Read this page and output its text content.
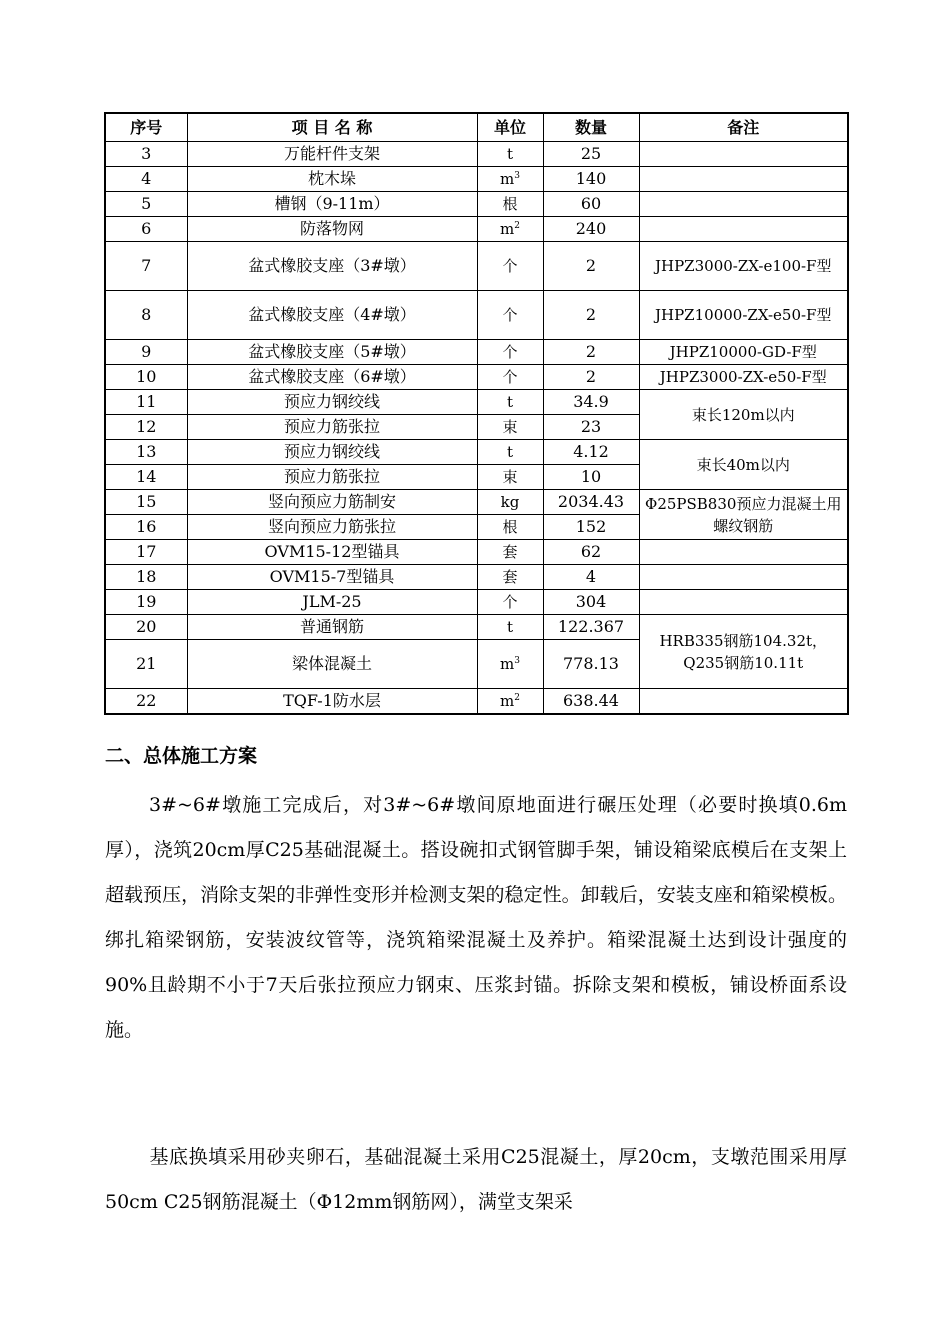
序号	项 目 名 称	单位	数量	备注
3	万能杆件支架	t	25	
4	枕木垛	$m^3$	140	
5	槽钢（9-11m）	根	60	
6	防落物网	$m^2$	240	
7	盆式橡胶支座（3#墩）	个	2	JHPZ3000-ZX-e100-F型
8	盆式橡胶支座（4#墩）	个	2	JHPZ10000-ZX-e50-F型
9	盆式橡胶支座（5#墩）	个	2	JHPZ10000-GD-F型
10	盆式橡胶支座（6#墩）	个	2	JHPZ3000-ZX-e50-F型
11	预应力钢绞线	t	34.9	束长120m以内
12	预应力筋张拉	束	23	
13	预应力钢绞线	t	4.12	束长40m以内
14	预应力筋张拉	束	10	
15	竖向预应力筋制安	kg	2034.43	Φ25PSB830预应力混凝土用螺纹钢筋
16	竖向预应力筋张拉	根	152	
17	OVM15-12型锚具	套	62	
18	OVM15-7型锚具	套	4	
19	JLM-25	个	304	
20	普通钢筋	t	122.367	HRB335钢筋104.32t，Q235钢筋10.11t
21	梁体混凝土	$m^3$	778.13	
22	TQF-1防水层	$m^2$	638.44	
二、总体施工方案

3#~6#墩施工完成后，对3#~6#墩间原地面进行碾压处理（必要时换填0.6m厚），浇筑20cm厚C25基础混凝土。搭设碗扣式钢管脚手架，铺设箱梁底模后在支架上超载预压，消除支架的非弹性变形并检测支架的稳定性。卸载后，安装支座和箱梁模板。绑扎箱梁钢筋，安装波纹管等，浇筑箱梁混凝土及养护。箱梁混凝土达到设计强度的90%且龄期不小于7天后张拉预应力钢束、压浆封锚。拆除支架和模板，铺设桥面系设施。

基底换填采用砂夹卵石，基础混凝土采用C25混凝土，厚20cm，支墩范围采用厚50cm C25钢筋混凝土（Φ12mm钢筋网），满堂支架采
